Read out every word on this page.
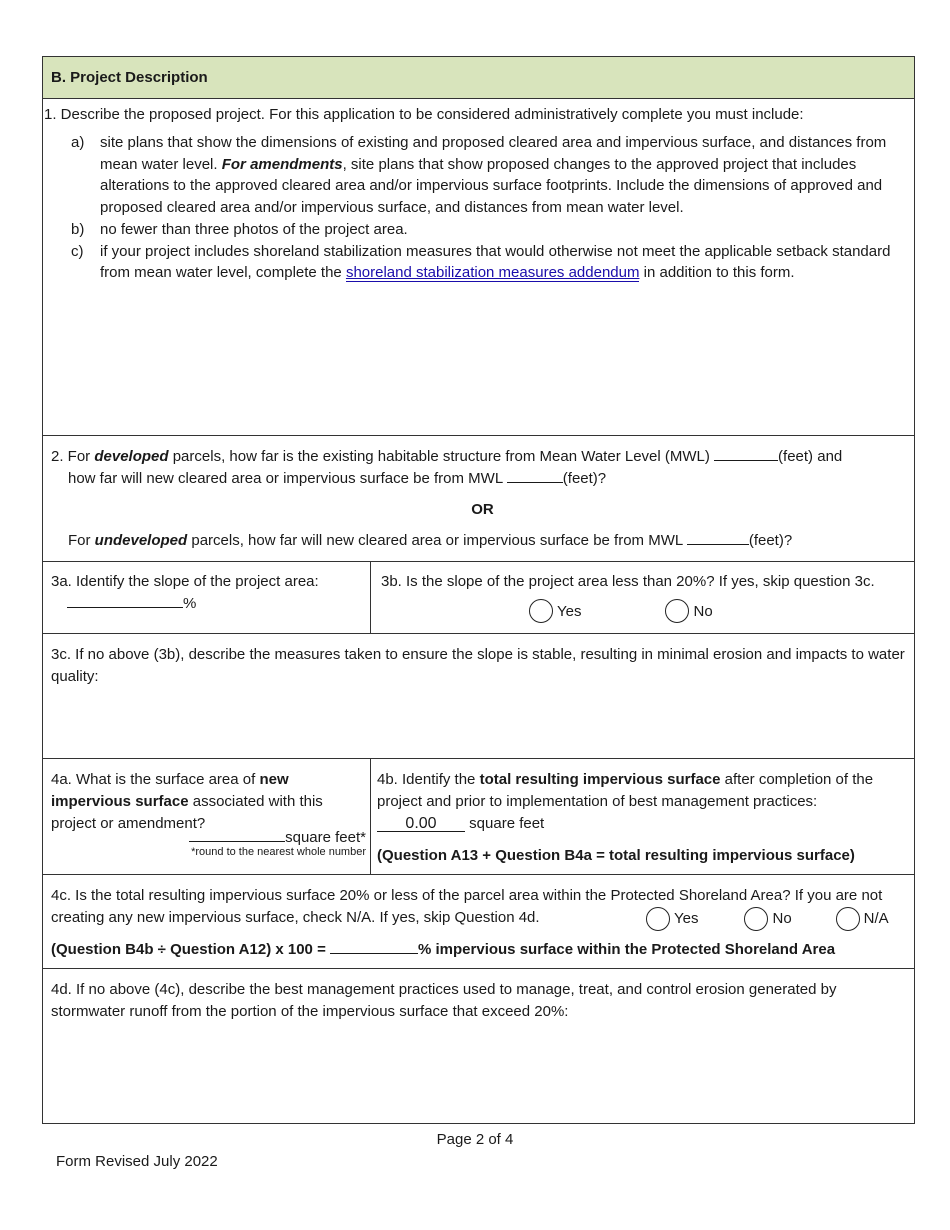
B. Project Description
1. Describe the proposed project. For this application to be considered administratively complete you must include:
a)	site plans that show the dimensions of existing and proposed cleared area and impervious surface, and distances from mean water level. For amendments, site plans that show proposed changes to the approved project that includes alterations to the approved cleared area and/or impervious surface footprints. Include the dimensions of approved and proposed cleared area and/or impervious surface, and distances from mean water level.
b)	no fewer than three photos of the project area.
c)	if your project includes shoreland stabilization measures that would otherwise not meet the applicable setback standard from mean water level, complete the shoreland stabilization measures addendum in addition to this form.
2. For developed parcels, how far is the existing habitable structure from Mean Water Level (MWL)	(feet) and
how far will new cleared area or impervious surface be from MWL	(feet)?
OR
For undeveloped parcels, how far will new cleared area or impervious surface be from MWL	(feet)?
3a. Identify the slope of the project area:
%
3b. Is the slope of the project area less than 20%? If yes, skip question 3c.
Yes	No
3c. If no above (3b), describe the measures taken to ensure the slope is stable, resulting in minimal erosion and impacts to water quality:
4a. What is the surface area of new impervious surface associated with this project or amendment?
square feet*
*round to the nearest whole number
4b. Identify the total resulting impervious surface after completion of the project and prior to implementation of best management practices:
0.00 square feet
(Question A13 + Question B4a = total resulting impervious surface)
4c. Is the total resulting impervious surface 20% or less of the parcel area within the Protected Shoreland Area? If you are not creating any new impervious surface, check N/A. If yes, skip Question 4d.	Yes	No	N/A
(Question B4b ÷ Question A12) x 100 =	% impervious surface within the Protected Shoreland Area
4d. If no above (4c), describe the best management practices used to manage, treat, and control erosion generated by stormwater runoff from the portion of the impervious surface that exceed 20%:
Page 2 of 4
Form Revised July 2022
